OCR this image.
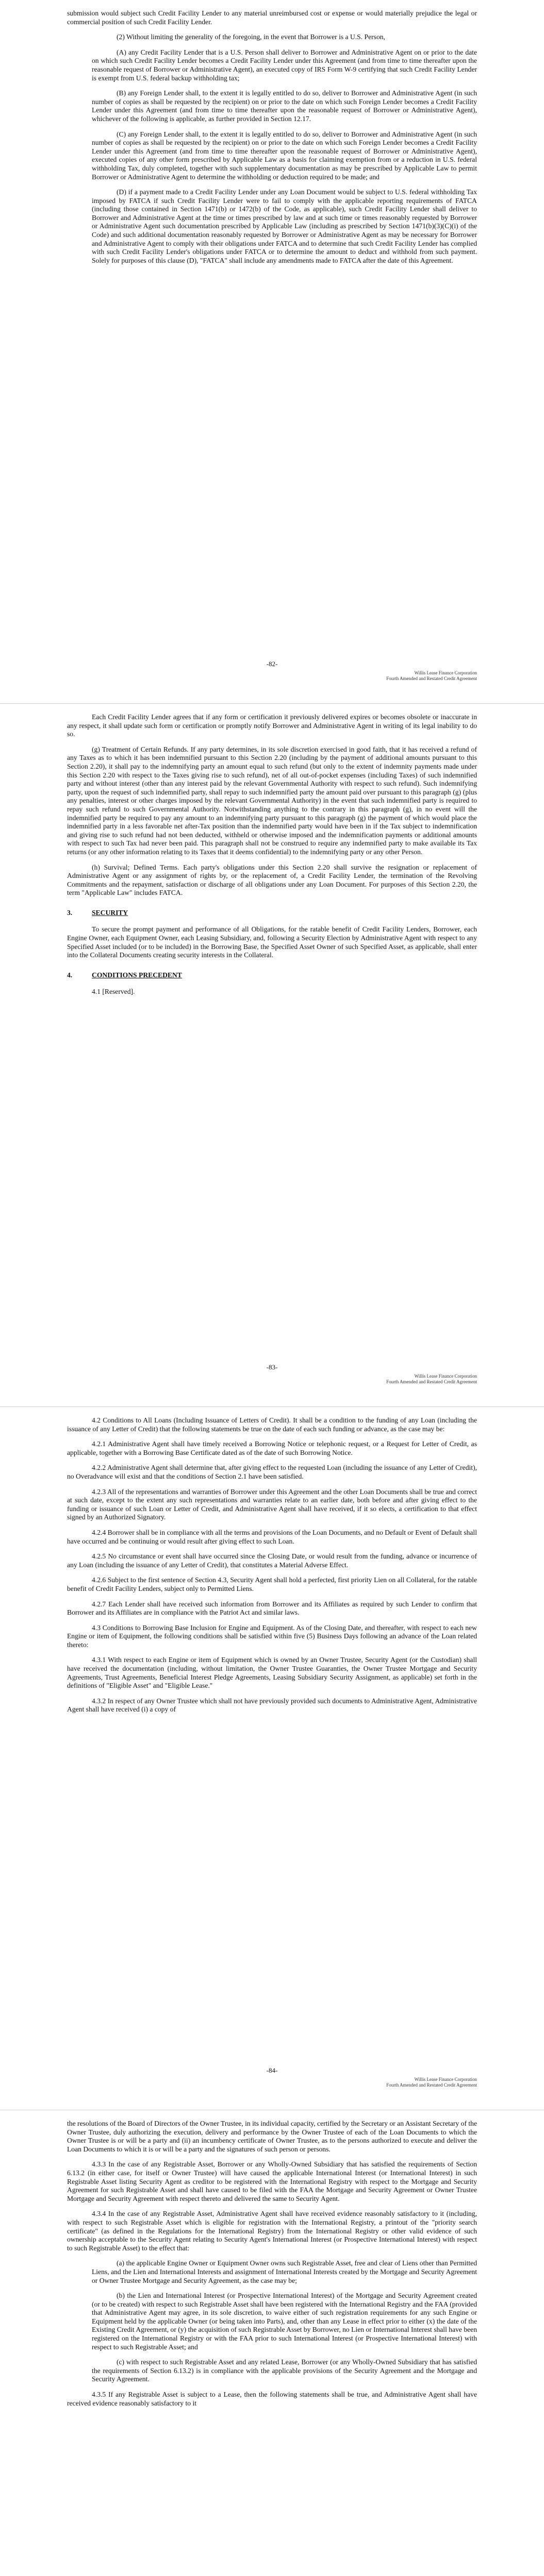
submission would subject such Credit Facility Lender to any material unreimbursed cost or expense or would materially prejudice the legal or commercial position of such Credit Facility Lender.

(2) Without limiting the generality of the foregoing, in the event that Borrower is a U.S. Person,

(A) any Credit Facility Lender that is a U.S. Person shall deliver to Borrower and Administrative Agent on or prior to the date on which such Credit Facility Lender becomes a Credit Facility Lender under this Agreement (and from time to time thereafter upon the reasonable request of Borrower or Administrative Agent), an executed copy of IRS Form W-9 certifying that such Credit Facility Lender is exempt from U.S. federal backup withholding tax;

(B) any Foreign Lender shall, to the extent it is legally entitled to do so, deliver to Borrower and Administrative Agent (in such number of copies as shall be requested by the recipient) on or prior to the date on which such Foreign Lender becomes a Credit Facility Lender under this Agreement (and from time to time thereafter upon the reasonable request of Borrower or Administrative Agent), whichever of the following is applicable, as further provided in Section 12.17.

(C) any Foreign Lender shall, to the extent it is legally entitled to do so, deliver to Borrower and Administrative Agent (in such number of copies as shall be requested by the recipient) on or prior to the date on which such Foreign Lender becomes a Credit Facility Lender under this Agreement (and from time to time thereafter upon the reasonable request of Borrower or Administrative Agent), executed copies of any other form prescribed by Applicable Law as a basis for claiming exemption from or a reduction in U.S. federal withholding Tax, duly completed, together with such supplementary documentation as may be prescribed by Applicable Law to permit Borrower or Administrative Agent to determine the withholding or deduction required to be made; and

(D) if a payment made to a Credit Facility Lender under any Loan Document would be subject to U.S. federal withholding Tax imposed by FATCA if such Credit Facility Lender were to fail to comply with the applicable reporting requirements of FATCA (including those contained in Section 1471(b) or 1472(b) of the Code, as applicable), such Credit Facility Lender shall deliver to Borrower and Administrative Agent at the time or times prescribed by law and at such time or times reasonably requested by Borrower or Administrative Agent such documentation prescribed by Applicable Law (including as prescribed by Section 1471(b)(3)(C)(i) of the Code) and such additional documentation reasonably requested by Borrower or Administrative Agent as may be necessary for Borrower and Administrative Agent to comply with their obligations under FATCA and to determine that such Credit Facility Lender has complied with such Credit Facility Lender's obligations under FATCA or to determine the amount to deduct and withhold from such payment. Solely for purposes of this clause (D), "FATCA" shall include any amendments made to FATCA after the date of this Agreement.

-82-
Willis Lease Finance Corporation
Fourth Amended and Restated Credit Agreement

Each Credit Facility Lender agrees that if any form or certification it previously delivered expires or becomes obsolete or inaccurate in any respect, it shall update such form or certification or promptly notify Borrower and Administrative Agent in writing of its legal inability to do so.

(g) Treatment of Certain Refunds. If any party determines, in its sole discretion exercised in good faith, that it has received a refund of any Taxes as to which it has been indemnified pursuant to this Section 2.20 (including by the payment of additional amounts pursuant to this Section 2.20), it shall pay to the indemnifying party an amount equal to such refund (but only to the extent of indemnity payments made under this Section 2.20 with respect to the Taxes giving rise to such refund), net of all out-of-pocket expenses (including Taxes) of such indemnified party and without interest (other than any interest paid by the relevant Governmental Authority with respect to such refund). Such indemnifying party, upon the request of such indemnified party, shall repay to such indemnified party the amount paid over pursuant to this paragraph (g) (plus any penalties, interest or other charges imposed by the relevant Governmental Authority) in the event that such indemnified party is required to repay such refund to such Governmental Authority. Notwithstanding anything to the contrary in this paragraph (g), in no event will the indemnified party be required to pay any amount to an indemnifying party pursuant to this paragraph (g) the payment of which would place the indemnified party in a less favorable net after-Tax position than the indemnified party would have been in if the Tax subject to indemnification and giving rise to such refund had not been deducted, withheld or otherwise imposed and the indemnification payments or additional amounts with respect to such Tax had never been paid. This paragraph shall not be construed to require any indemnified party to make available its Tax returns (or any other information relating to its Taxes that it deems confidential) to the indemnifying party or any other Person.

(h) Survival; Defined Terms. Each party's obligations under this Section 2.20 shall survive the resignation or replacement of Administrative Agent or any assignment of rights by, or the replacement of, a Credit Facility Lender, the termination of the Revolving Commitments and the repayment, satisfaction or discharge of all obligations under any Loan Document. For purposes of this Section 2.20, the term "Applicable Law" includes FATCA.

3.	SECURITY

To secure the prompt payment and performance of all Obligations, for the ratable benefit of Credit Facility Lenders, Borrower, each Engine Owner, each Equipment Owner, each Leasing Subsidiary, and, following a Security Election by Administrative Agent with respect to any Specified Asset included (or to be included) in the Borrowing Base, the Specified Asset Owner of such Specified Asset, as applicable, shall enter into the Collateral Documents creating security interests in the Collateral.

4.	CONDITIONS PRECEDENT

4.1 [Reserved].

-83-
Willis Lease Finance Corporation
Fourth Amended and Restated Credit Agreement

4.2 Conditions to All Loans (Including Issuance of Letters of Credit). It shall be a condition to the funding of any Loan (including the issuance of any Letter of Credit) that the following statements be true on the date of each such funding or advance, as the case may be:

4.2.1 Administrative Agent shall have timely received a Borrowing Notice or telephonic request, or a Request for Letter of Credit, as applicable, together with a Borrowing Base Certificate dated as of the date of such Borrowing Notice.

4.2.2 Administrative Agent shall determine that, after giving effect to the requested Loan (including the issuance of any Letter of Credit), no Overadvance will exist and that the conditions of Section 2.1 have been satisfied.

4.2.3 All of the representations and warranties of Borrower under this Agreement and the other Loan Documents shall be true and correct at such date, except to the extent any such representations and warranties relate to an earlier date, both before and after giving effect to the funding or issuance of such Loan or Letter of Credit, and Administrative Agent shall have received, if it so elects, a certification to that effect signed by an Authorized Signatory.

4.2.4 Borrower shall be in compliance with all the terms and provisions of the Loan Documents, and no Default or Event of Default shall have occurred and be continuing or would result after giving effect to such Loan.

4.2.5 No circumstance or event shall have occurred since the Closing Date, or would result from the funding, advance or incurrence of any Loan (including the issuance of any Letter of Credit), that constitutes a Material Adverse Effect.

4.2.6 Subject to the first sentence of Section 4.3, Security Agent shall hold a perfected, first priority Lien on all Collateral, for the ratable benefit of Credit Facility Lenders, subject only to Permitted Liens.

4.2.7 Each Lender shall have received such information from Borrower and its Affiliates as required by such Lender to confirm that Borrower and its Affiliates are in compliance with the Patriot Act and similar laws.

4.3 Conditions to Borrowing Base Inclusion for Engine and Equipment. As of the Closing Date, and thereafter, with respect to each new Engine or item of Equipment, the following conditions shall be satisfied within five (5) Business Days following an advance of the Loan related thereto:

4.3.1 With respect to each Engine or item of Equipment which is owned by an Owner Trustee, Security Agent (or the Custodian) shall have received the documentation (including, without limitation, the Owner Trustee Guaranties, the Owner Trustee Mortgage and Security Agreements, Trust Agreements, Beneficial Interest Pledge Agreements, Leasing Subsidiary Security Assignment, as applicable) set forth in the definitions of "Eligible Asset" and "Eligible Lease."

4.3.2 In respect of any Owner Trustee which shall not have previously provided such documents to Administrative Agent, Administrative Agent shall have received (i) a copy of

-84-
Willis Lease Finance Corporation
Fourth Amended and Restated Credit Agreement

the resolutions of the Board of Directors of the Owner Trustee, in its individual capacity, certified by the Secretary or an Assistant Secretary of the Owner Trustee, duly authorizing the execution, delivery and performance by the Owner Trustee of each of the Loan Documents to which the Owner Trustee is or will be a party and (ii) an incumbency certificate of Owner Trustee, as to the persons authorized to execute and deliver the Loan Documents to which it is or will be a party and the signatures of such person or persons.

4.3.3 In the case of any Registrable Asset, Borrower or any Wholly-Owned Subsidiary that has satisfied the requirements of Section 6.13.2 (in either case, for itself or Owner Trustee) will have caused the applicable International Interest (or International Interest) in such Registrable Asset listing Security Agent as creditor to be registered with the International Registry with respect to the Mortgage and Security Agreement for such Registrable Asset and shall have caused to be filed with the FAA the Mortgage and Security Agreement or Owner Trustee Mortgage and Security Agreement with respect thereto and delivered the same to Security Agent.

4.3.4 In the case of any Registrable Asset, Administrative Agent shall have received evidence reasonably satisfactory to it (including, with respect to such Registrable Asset which is eligible for registration with the International Registry, a printout of the "priority search certificate" (as defined in the Regulations for the International Registry) from the International Registry or other valid evidence of such ownership acceptable to the Security Agent relating to Security Agent's International Interest (or Prospective International Interest) with respect to such Registrable Asset) to the effect that:

(a) the applicable Engine Owner or Equipment Owner owns such Registrable Asset, free and clear of Liens other than Permitted Liens, and the Lien and International Interests and assignment of International Interests created by the Mortgage and Security Agreement or Owner Trustee Mortgage and Security Agreement, as the case may be;

(b) the Lien and International Interest (or Prospective International Interest) of the Mortgage and Security Agreement created (or to be created) with respect to such Registrable Asset shall have been registered with the International Registry and the FAA (provided that Administrative Agent may agree, in its sole discretion, to waive either of such registration requirements for any such Engine or Equipment held by the applicable Owner (or being taken into Parts), and, other than any Lease in effect prior to either (x) the date of the Existing Credit Agreement, or (y) the acquisition of such Registrable Asset by Borrower, no Lien or International Interest shall have been registered on the International Registry or with the FAA prior to such International Interest (or Prospective International Interest) with respect to such Registrable Asset; and

(c) with respect to such Registrable Asset and any related Lease, Borrower (or any Wholly-Owned Subsidiary that has satisfied the requirements of Section 6.13.2) is in compliance with the applicable provisions of the Security Agreement and the Mortgage and Security Agreement.

4.3.5 If any Registrable Asset is subject to a Lease, then the following statements shall be true, and Administrative Agent shall have received evidence reasonably satisfactory to it
